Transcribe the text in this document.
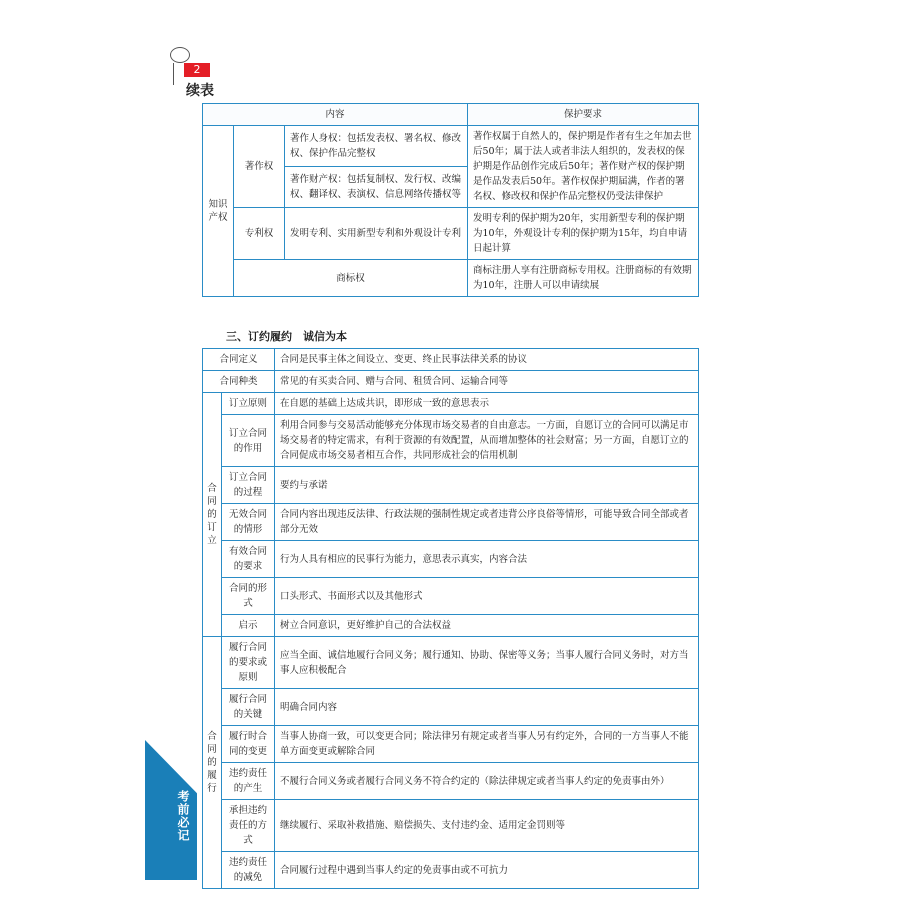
2
续表
内容			保护要求
知识产权	著作权	著作人身权：包括发表权、署名权、修改权、保护作品完整权	著作权属于自然人的，保护期是作者有生之年加去世后50年；属于法人或者非法人组织的，发表权的保护期是作品创作完成后50年；著作财产权的保护期是作品发表后50年。著作权保护期届满，作者的署名权、修改权和保护作品完整权仍受法律保护
		著作财产权：包括复制权、发行权、改编权、翻译权、表演权、信息网络传播权等	
	专利权	发明专利、实用新型专利和外观设计专利	发明专利的保护期为20年，实用新型专利的保护期为10年，外观设计专利的保护期为15年，均自申请日起计算
	商标权		商标注册人享有注册商标专用权。注册商标的有效期为10年，注册人可以申请续展
三、订约履约　诚信为本
合同定义		合同是民事主体之间设立、变更、终止民事法律关系的协议
合同种类		常见的有买卖合同、赠与合同、租赁合同、运输合同等
合同的订立	订立原则	在自愿的基础上达成共识，即形成一致的意思表示
	订立合同的作用	利用合同参与交易活动能够充分体现市场交易者的自由意志。一方面，自愿订立的合同可以满足市场交易者的特定需求，有利于资源的有效配置，从而增加整体的社会财富；另一方面，自愿订立的合同促成市场交易者相互合作，共同形成社会的信用机制
	订立合同的过程	要约与承诺
	无效合同的情形	合同内容出现违反法律、行政法规的强制性规定或者违背公序良俗等情形，可能导致合同全部或者部分无效
	有效合同的要求	行为人具有相应的民事行为能力，意思表示真实，内容合法
	合同的形式	口头形式、书面形式以及其他形式
	启示	树立合同意识，更好维护自己的合法权益
合同的履行	履行合同的要求或原则	应当全面、诚信地履行合同义务；履行通知、协助、保密等义务；当事人履行合同义务时，对方当事人应积极配合
	履行合同的关键	明确合同内容
	履行时合同的变更	当事人协商一致，可以变更合同；除法律另有规定或者当事人另有约定外，合同的一方当事人不能单方面变更或解除合同
	违约责任的产生	不履行合同义务或者履行合同义务不符合约定的（除法律规定或者当事人约定的免责事由外）
	承担违约责任的方式	继续履行、采取补救措施、赔偿损失、支付违约金、适用定金罚则等
	违约责任的减免	合同履行过程中遇到当事人约定的免责事由或不可抗力
考前必记
